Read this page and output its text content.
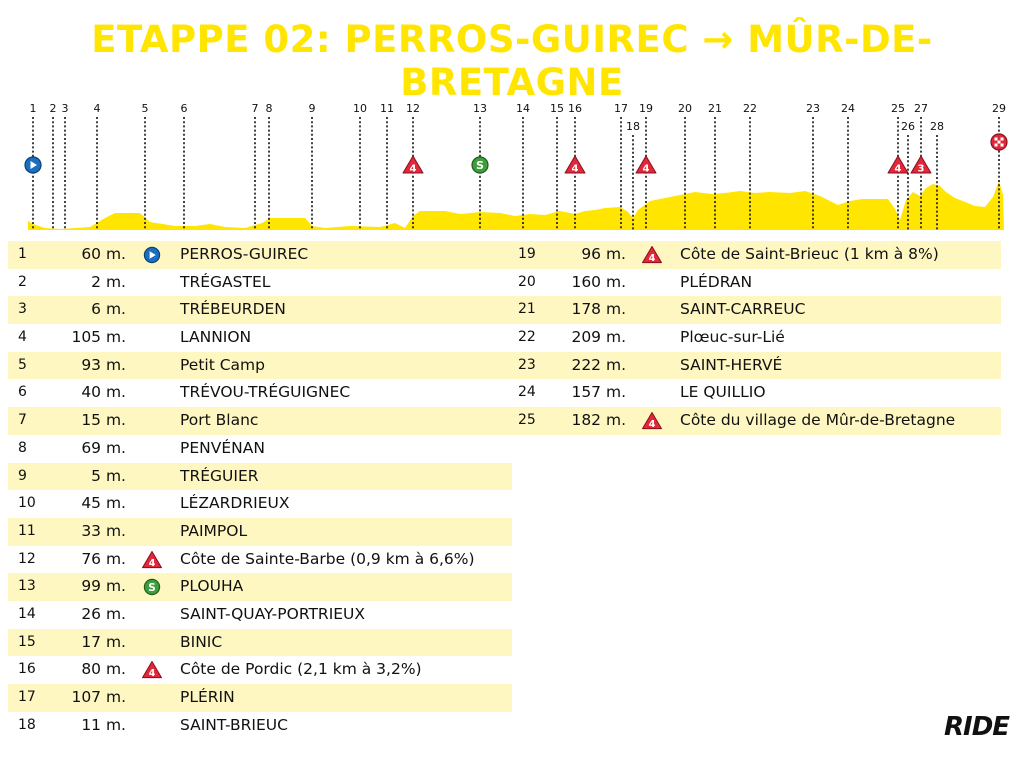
ETAPPE 02: PERROS-GUIREC → MÛR-DE-BRETAGNE
1 2 3 4	5	6	7 8	9	10 11 12
4
13
S
14 15 16
4
17
18
19
4
20 21 22	23 24	25
4
26
27
3
28
29
1	60 m.	PERROS-GUIREC
2	2 m.	TRÉGASTEL
3	6 m.	TRÉBEURDEN
4	105 m.	LANNION
5	93 m.	Petit Camp
6	40 m.	TRÉVOU-TRÉGUIGNEC
7	15 m.	Port Blanc
8	69 m.	PENVÉNAN
9	5 m.	TRÉGUIER
10	45 m.	LÉZARDRIEUX
11	33 m.	PAIMPOL
12	76 m. 4 Côte de Sainte-Barbe (0,9 km à 6,6%)
13	99 m. S PLOUHA
14	26 m.	SAINT-QUAY-PORTRIEUX
15	17 m.	BINIC
16	80 m. 4 Côte de Pordic (2,1 km à 3,2%)
17	107 m.	PLÉRIN
18	11 m.	SAINT-BRIEUC
19	96 m. 4 Côte de Saint-Brieuc (1 km à 8%)
20	160 m.	PLÉDRAN
21	178 m.	SAINT-CARREUC
22	209 m.	Plœuc-sur-Lié
23	222 m.	SAINT-HERVÉ
24	157 m.	LE QUILLIO
25	182 m. 4 Côte du village de Mûr-de-Bretagne
RIDE
